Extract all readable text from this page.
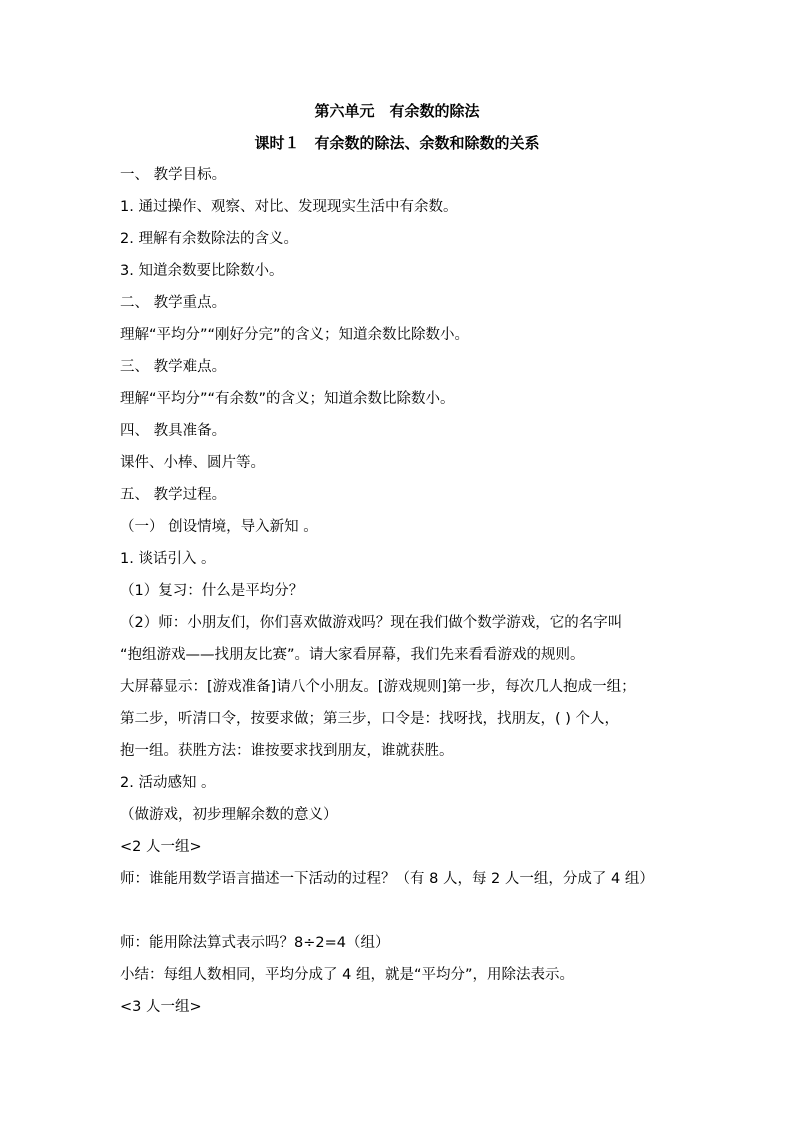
第六单元　有余数的除法
课时１　有余数的除法、余数和除数的关系
一、 教学目标。
1. 通过操作、观察、对比、发现现实生活中有余数。
2. 理解有余数除法的含义。
3. 知道余数要比除数小。
二、 教学重点。
理解“平均分”“刚好分完”的含义；知道余数比除数小。
三、 教学难点。
理解“平均分”“有余数”的含义；知道余数比除数小。
四、 教具准备。
课件、小棒、圆片等。
五、 教学过程。
（一） 创设情境，导入新知 。
1. 谈话引入 。
（1）复习：什么是平均分？
（2）师：小朋友们，你们喜欢做游戏吗？现在我们做个数学游戏，它的名字叫
“抱组游戏——找朋友比赛”。请大家看屏幕，我们先来看看游戏的规则。
大屏幕显示：[游戏准备]请八个小朋友。[游戏规则]第一步，每次几人抱成一组；
第二步，听清口令，按要求做；第三步，口令是：找呀找，找朋友，( ) 个人，
抱一组。获胜方法：谁按要求找到朋友，谁就获胜。
2. 活动感知 。
（做游戏，初步理解余数的意义）
<2 人一组>
师：谁能用数学语言描述一下活动的过程？（有 8 人，每 2 人一组，分成了 4 组）
师：能用除法算式表示吗？8÷2=4（组）
小结：每组人数相同，平均分成了 4 组，就是“平均分”，用除法表示。
<3 人一组>
